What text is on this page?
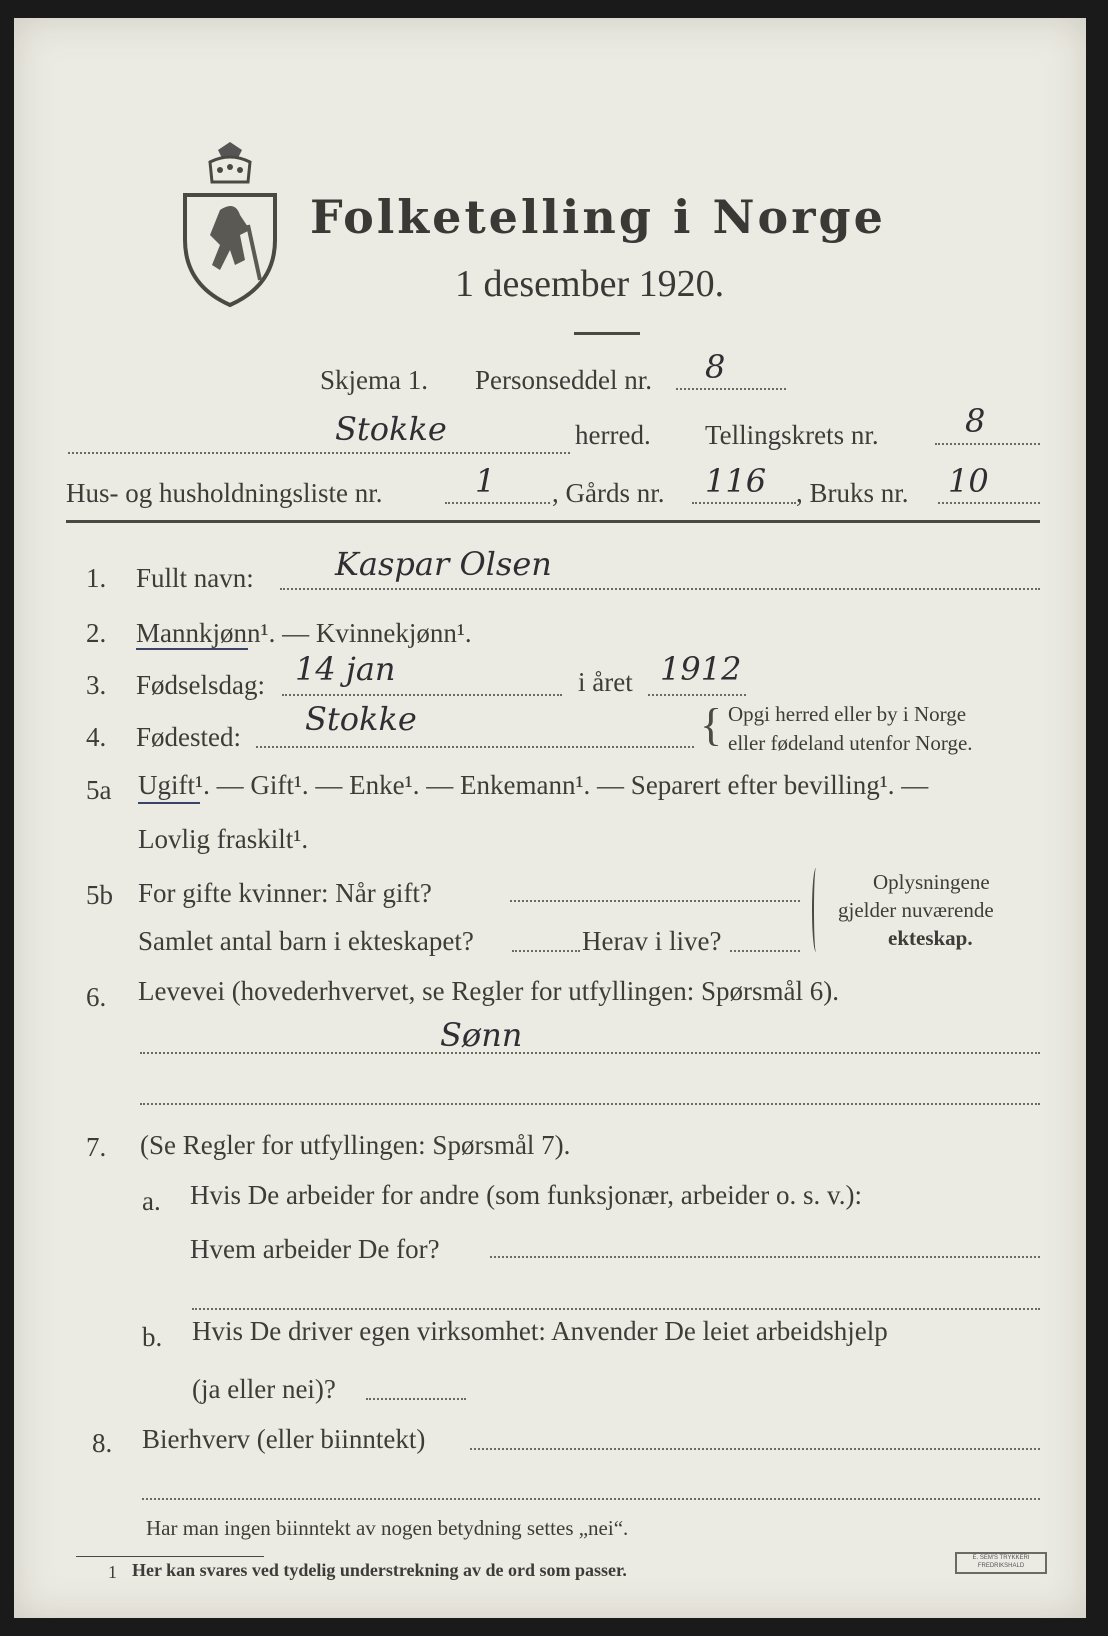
Folketelling i Norge
1 desember 1920.
Skjema 1. Personseddel nr. 8
Stokke	herred. Tellingskrets nr.	8
Hus- og husholdningsliste nr.	1 , Gårds nr. 116 , Bruks nr. 10
1. Fullt navn:	Kaspar Olsen
2. Mannkjønn¹. — Kvinnekjønn¹.
3. Fødselsdag: 14 jan	i året 1912
4. Fødested: Stokke	{ Opgi herred eller by i Norge
eller fødeland utenfor Norge.
5a Ugift¹. — Gift¹. — Enke¹. — Enkemann¹. — Separert efter bevilling¹. —
Lovlig fraskilt¹.
5b For gifte kvinner: Når gift?
Samlet antal barn i ekteskapet?	Herav i live?
Oplysningene
gjelder nuværende
ekteskap.
6. Levevei (hovederhvervet, se Regler for utfyllingen: Spørsmål 6).
Sønn
7. (Se Regler for utfyllingen: Spørsmål 7).
a. Hvis De arbeider for andre (som funksjonær, arbeider o. s. v.):
Hvem arbeider De for?
b. Hvis De driver egen virksomhet: Anvender De leiet arbeidshjelp
(ja eller nei)?
8. Bierhverv (eller biinntekt)
Har man ingen biinntekt av nogen betydning settes „nei“.
1 Her kan svares ved tydelig understrekning av de ord som passer.
E. SEM'S TRYKKERI FREDRIKSHALD
